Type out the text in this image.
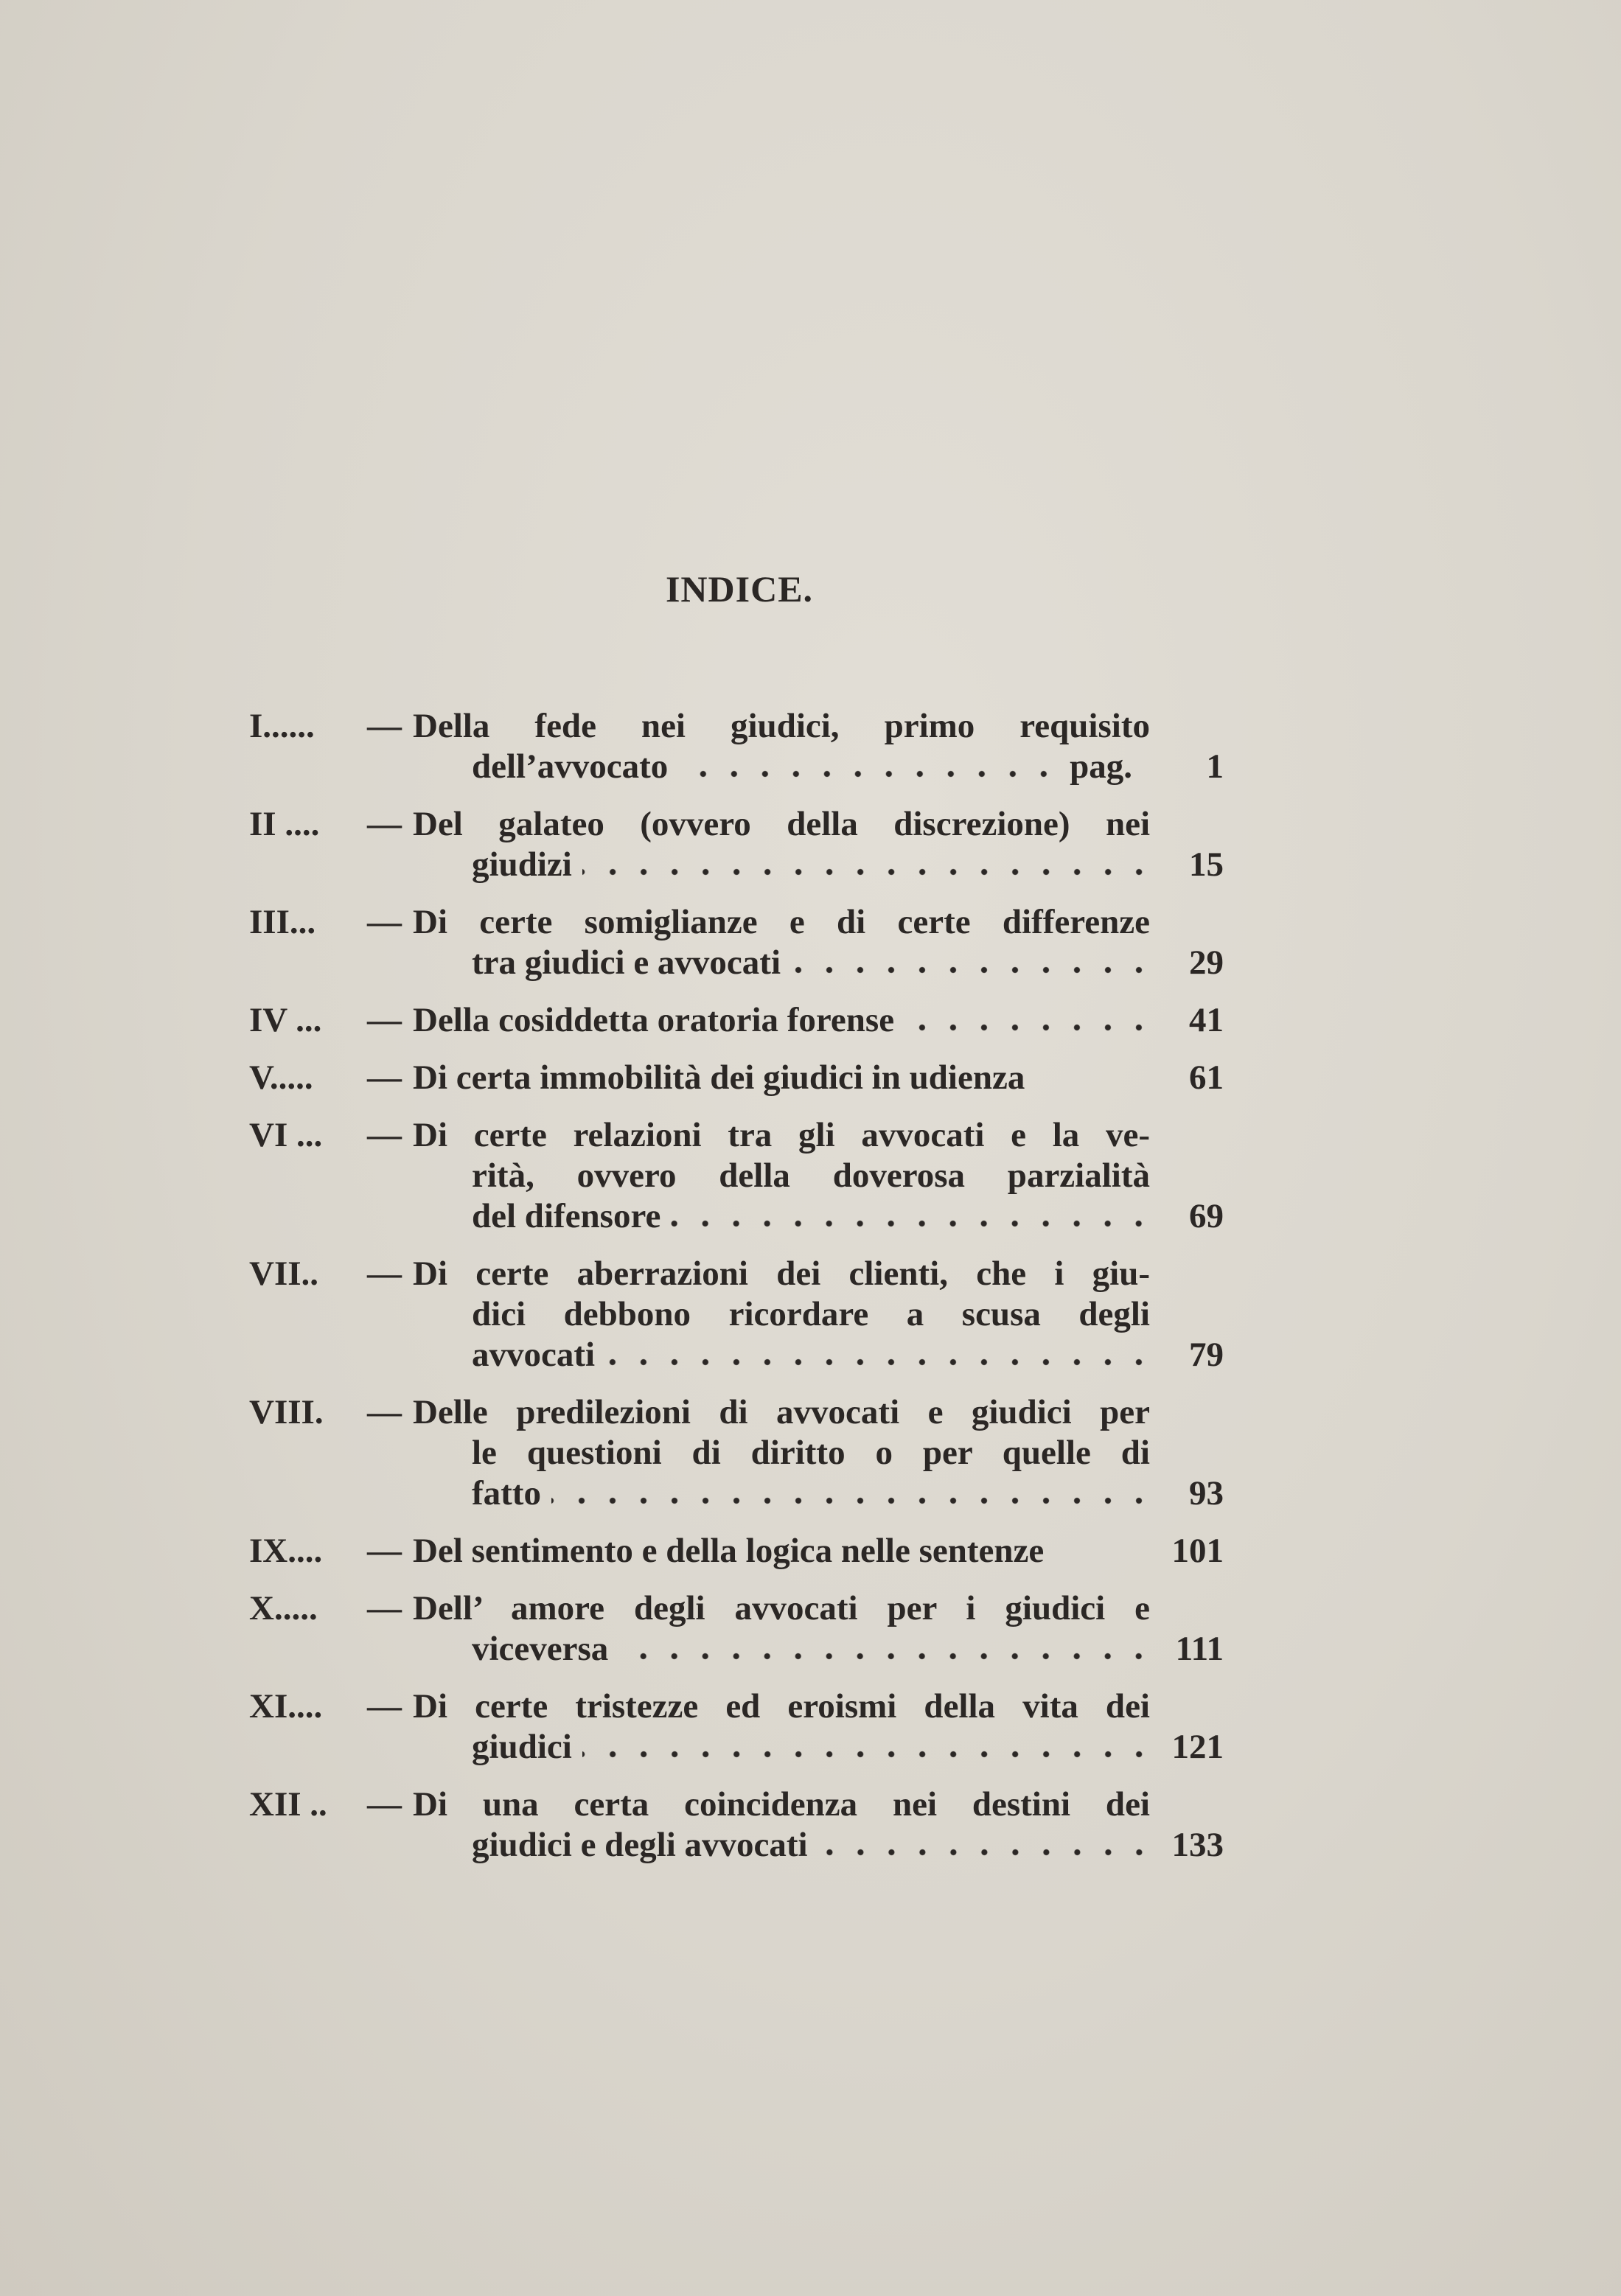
INDICE.
I......	— Della fede nei giudici, primo requisito
dell’avvocato	pag.	1
II ....	— Del galateo (ovvero della discrezione) nei
giudizi	15
III...	— Di certe somiglianze e di certe differenze
tra giudici e avvocati	29
IV ...	— Della cosiddetta oratoria forense	41
V.....	— Di certa immobilità dei giudici in udienza	61
VI ...	— Di certe relazioni tra gli avvocati e la ve-
rità, ovvero della doverosa parzialità
del difensore	69
VII..	— Di certe aberrazioni dei clienti, che i giu-
dici debbono ricordare a scusa degli
avvocati	79
VIII.	— Delle predilezioni di avvocati e giudici per
le questioni di diritto o per quelle di
fatto	93
IX....	— Del sentimento e della logica nelle sentenze	101
X.....	— Dell’ amore degli avvocati per i giudici e
viceversa	111
XI....	— Di certe tristezze ed eroismi della vita dei
giudici	121
XII ..	— Di una certa coincidenza nei destini dei
giudici e degli avvocati	133
